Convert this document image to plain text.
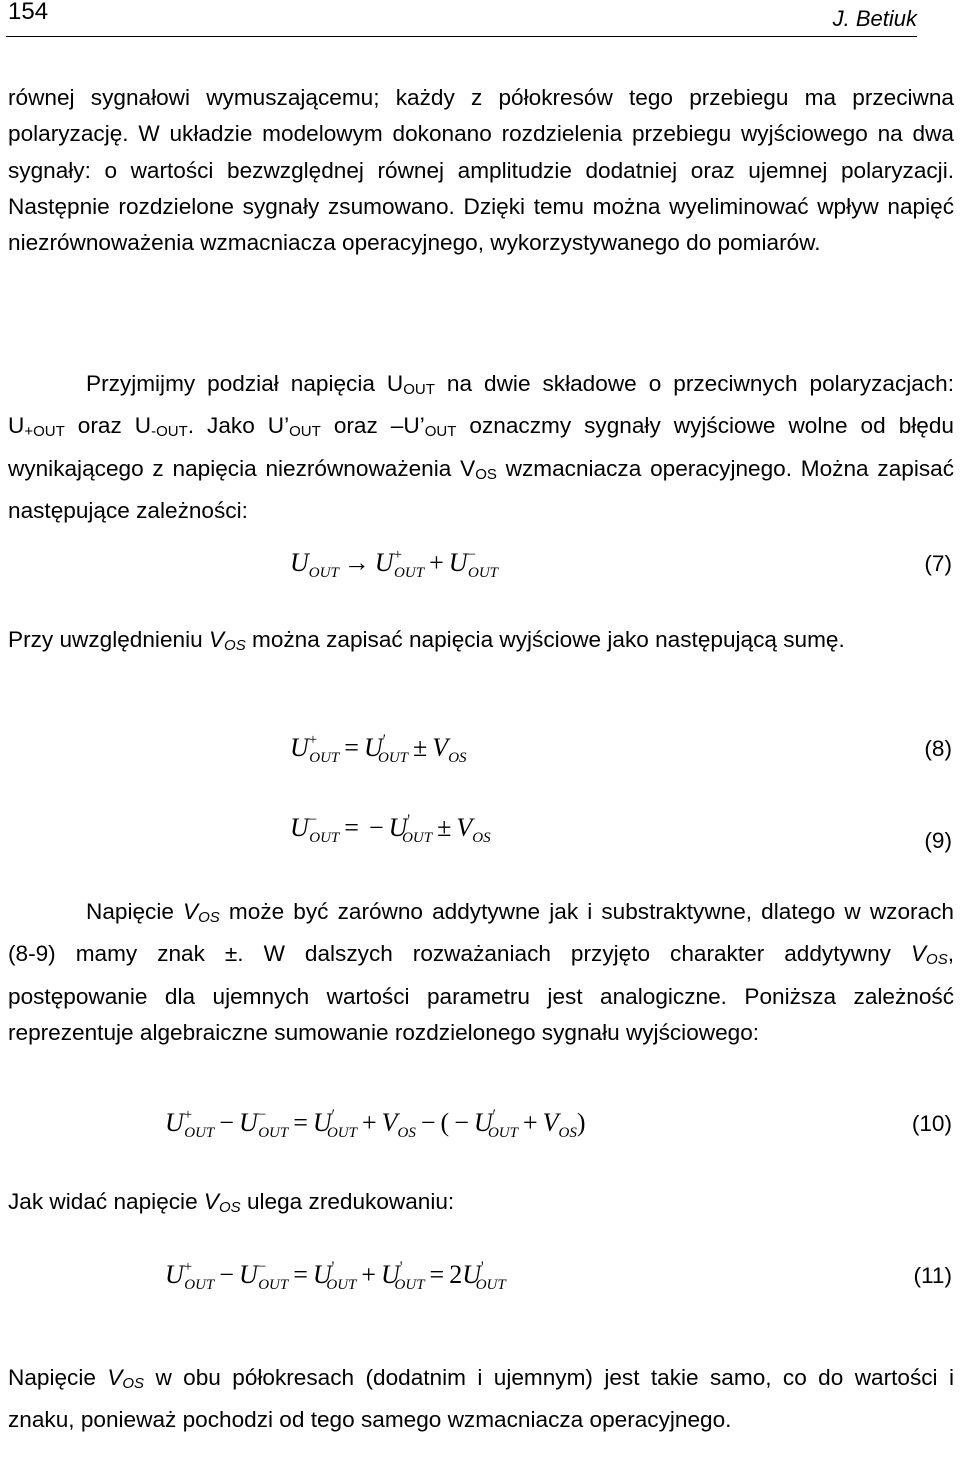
154	J. Betiuk
równej sygnałowi wymuszającemu; każdy z półokresów tego przebiegu ma przeciwna polaryzację. W układzie modelowym dokonano rozdzielenia przebiegu wyjściowego na dwa sygnały: o wartości bezwzględnej równej amplitudzie dodatniej oraz ujemnej polaryzacji. Następnie rozdzielone sygnały zsumowano. Dzięki temu można wyeliminować wpływ napięć niezrównoważenia wzmacniacza operacyjnego, wykorzystywanego do pomiarów.
Przyjmijmy podział napięcia $U_{OUT}$ na dwie składowe o przeciwnych polaryzacjach: $U_{+OUT}$ oraz $U_{-OUT}$. Jako $U’_{OUT}$ oraz $-U’_{OUT}$ oznaczmy sygnały wyjściowe wolne od błędu wynikającego z napięcia niezrównoważenia $V_{OS}$ wzmacniacza operacyjnego. Można zapisać następujące zależności:
$U_{OUT} \to U^+_{OUT} + U^-_{OUT}$	(7)
Przy uwzględnieniu VOS można zapisać napięcia wyjściowe jako następującą sumę.
$U^+_{OUT} = U'_{OUT} \pm V_{OS}$	(8)
$U^-_{OUT}$ = − $U'_{OUT} \pm V_{OS}$	(9)
Napięcie VOS może być zarówno addytywne jak i substraktywne, dlatego w wzorach (8-9) mamy znak ±. W dalszych rozważaniach przyjęto charakter addytywny VOS, postępowanie dla ujemnych wartości parametru jest analogiczne. Poniższa zależność reprezentuje algebraiczne sumowanie rozdzielonego sygnału wyjściowego:
$U^+_{OUT} - U^-_{OUT} = U'_{OUT} + V_{OS}$ − ( − $U'_{OUT} + V_{OS}$)	(10)
Jak widać napięcie VOS ulega zredukowaniu:
$U^+_{OUT} - U^-_{OUT} = U'_{OUT} + U'_{OUT} = 2U'_{OUT}$	(11)
Napięcie VOS w obu półokresach (dodatnim i ujemnym) jest takie samo, co do wartości i znaku, ponieważ pochodzi od tego samego wzmacniacza operacyjnego.
